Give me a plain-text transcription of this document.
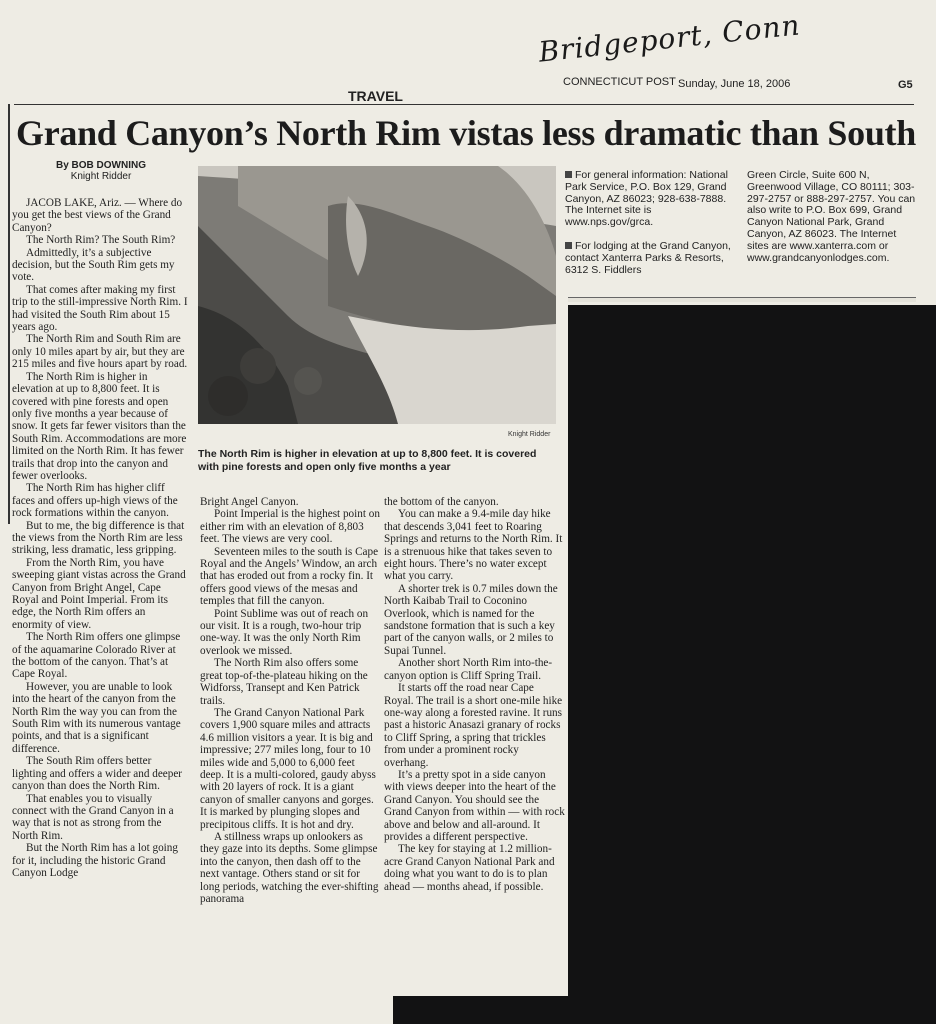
Bridgeport, Conn
CONNECTICUT POST Sunday, June 18, 2006	G5
TRAVEL
Grand Canyon’s North Rim vistas less dramatic than South
By BOB DOWNING
Knight Ridder

JACOB LAKE, Ariz. — Where do you get the best views of the Grand Canyon?

The North Rim? The South Rim?

Admittedly, it’s a subjective decision, but the South Rim gets my vote.

That comes after making my first trip to the still-impressive North Rim. I had visited the South Rim about 15 years ago.

The North Rim and South Rim are only 10 miles apart by air, but they are 215 miles and five hours apart by road.

The North Rim is higher in elevation at up to 8,800 feet. It is covered with pine forests and open only five months a year because of snow. It gets far fewer visitors than the South Rim. Accommodations are more limited on the North Rim. It has fewer trails that drop into the canyon and fewer overlooks.

The North Rim has higher cliff faces and offers up-high views of the rock formations within the canyon.

But to me, the big difference is that the views from the North Rim are less striking, less dramatic, less gripping.

From the North Rim, you have sweeping giant vistas across the Grand Canyon from Bright Angel, Cape Royal and Point Imperial. From its edge, the North Rim offers an enormity of view.

The North Rim offers one glimpse of the aquamarine Colorado River at the bottom of the canyon. That’s at Cape Royal.

However, you are unable to look into the heart of the canyon from the North Rim the way you can from the South Rim with its numerous vantage points, and that is a significant difference.

The South Rim offers better lighting and offers a wider and deeper canyon than does the North Rim.

That enables you to visually connect with the Grand Canyon in a way that is not as strong from the North Rim.

But the North Rim has a lot going for it, including the historic Grand Canyon Lodge

Knight Ridder
The North Rim is higher in elevation at up to 8,800 feet. It is covered with pine forests and open only five months a year

For general information: National Park Service, P.O. Box 129, Grand Canyon, AZ 86023; 928-638-7888. The Internet site is www.nps.gov/grca.

For lodging at the Grand Canyon, contact Xanterra Parks & Resorts, 6312 S. Fiddlers

Green Circle, Suite 600 N, Greenwood Village, CO 80111; 303-297-2757 or 888-297-2757. You can also write to P.O. Box 699, Grand Canyon National Park, Grand Canyon, AZ 86023. The Internet sites are www.xanterra.com or www.grandcanyonlodges.com.

Bright Angel Canyon.

Point Imperial is the highest point on either rim with an elevation of 8,803 feet. The views are very cool.

Seventeen miles to the south is Cape Royal and the Angels’ Window, an arch that has eroded out from a rocky fin. It offers good views of the mesas and temples that fill the canyon.

Point Sublime was out of reach on our visit. It is a rough, two-hour trip one-way. It was the only North Rim overlook we missed.

The North Rim also offers some great top-of-the-plateau hiking on the Widforss, Transept and Ken Patrick trails.

The Grand Canyon National Park covers 1,900 square miles and attracts 4.6 million visitors a year. It is big and impressive; 277 miles long, four to 10 miles wide and 5,000 to 6,000 feet deep. It is a multi-colored, gaudy abyss with 20 layers of rock. It is a giant canyon of smaller canyons and gorges. It is marked by plunging slopes and precipitous cliffs. It is hot and dry.

A stillness wraps up onlookers as they gaze into its depths. Some glimpse into the canyon, then dash off to the next vantage. Others stand or sit for long periods, watching the ever-shifting panorama

the bottom of the canyon.

You can make a 9.4-mile day hike that descends 3,041 feet to Roaring Springs and returns to the North Rim. It is a strenuous hike that takes seven to eight hours. There’s no water except what you carry.

A shorter trek is 0.7 miles down the North Kaibab Trail to Coconino Overlook, which is named for the sandstone formation that is such a key part of the canyon walls, or 2 miles to Supai Tunnel.

Another short North Rim into-the-canyon option is Cliff Spring Trail.

It starts off the road near Cape Royal. The trail is a short one-mile hike one-way along a forested ravine. It runs past a historic Anasazi granary of rocks to Cliff Spring, a spring that trickles from under a prominent rocky overhang.

It’s a pretty spot in a side canyon with views deeper into the heart of the Grand Canyon. You should see the Grand Canyon from within — with rock above and below and all-around. It provides a different perspective.

The key for staying at 1.2 million-acre Grand Canyon National Park and doing what you want to do is to plan ahead — months ahead, if possible.
